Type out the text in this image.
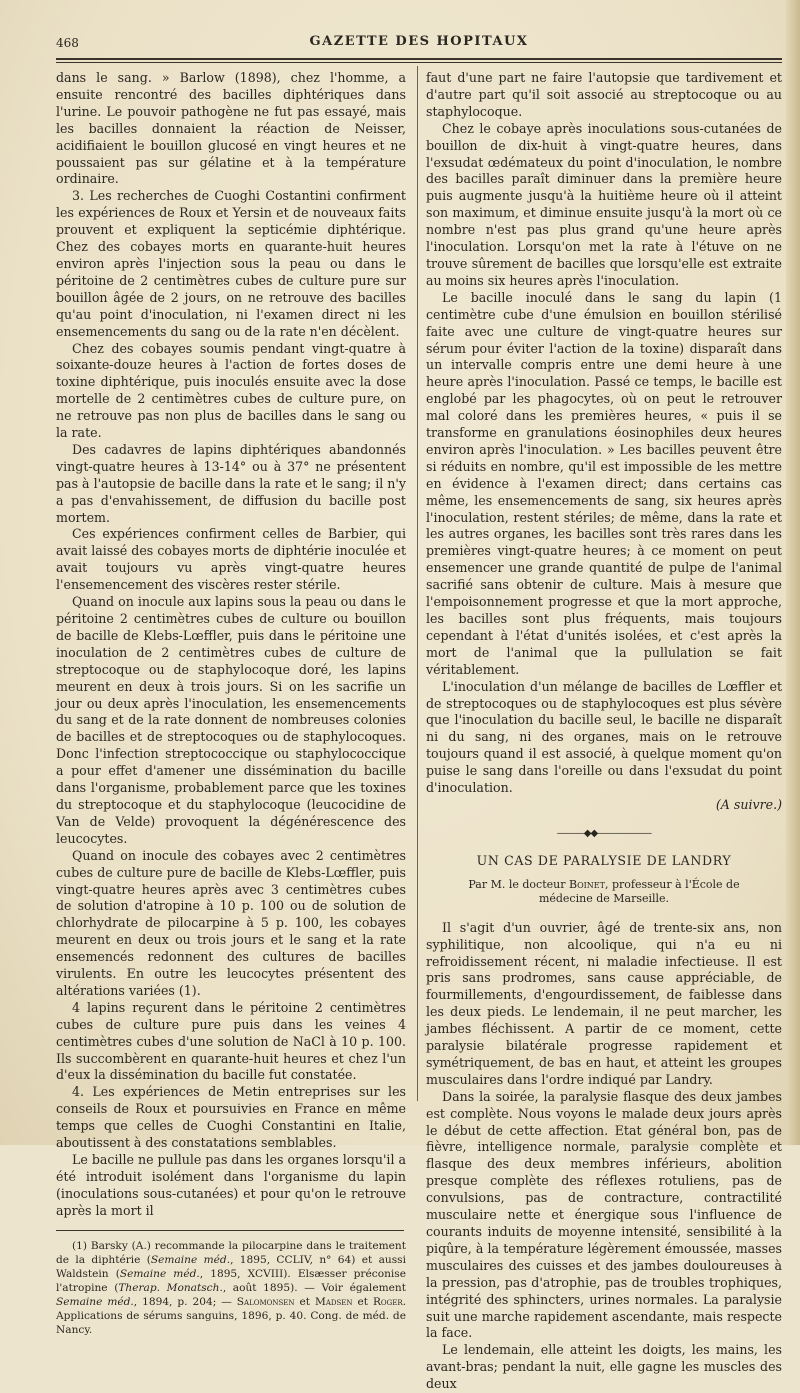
468	GAZETTE DES HOPITAUX

dans le sang. » Barlow (1898), chez l'homme, a ensuite rencontré des bacilles diphtériques dans l'urine. Le pouvoir pathogène ne fut pas essayé, mais les bacilles donnaient la réaction de Neisser, acidifiaient le bouillon glucosé en vingt heures et ne poussaient pas sur gélatine et à la température ordinaire.

3. Les recherches de Cuoghi Costantini confirment les expériences de Roux et Yersin et de nouveaux faits prouvent et expliquent la septicémie diphtérique. Chez des cobayes morts en quarante-huit heures environ après l'injection sous la peau ou dans le péritoine de 2 centimètres cubes de culture pure sur bouillon âgée de 2 jours, on ne retrouve des bacilles qu'au point d'inoculation, ni l'examen direct ni les ensemencements du sang ou de la rate n'en décèlent.

Chez des cobayes soumis pendant vingt-quatre à soixante-douze heures à l'action de fortes doses de toxine diphtérique, puis inoculés ensuite avec la dose mortelle de 2 centimètres cubes de culture pure, on ne retrouve pas non plus de bacilles dans le sang ou la rate.

Des cadavres de lapins diphtériques abandonnés vingt-quatre heures à 13-14° ou à 37° ne présentent pas à l'autopsie de bacille dans la rate et le sang; il n'y a pas d'envahissement, de diffusion du bacille post mortem.

Ces expériences confirment celles de Barbier, qui avait laissé des cobayes morts de diphtérie inoculée et avait toujours vu après vingt-quatre heures l'ensemencement des viscères rester stérile.

Quand on inocule aux lapins sous la peau ou dans le péritoine 2 centimètres cubes de culture ou bouillon de bacille de Klebs-Lœffler, puis dans le péritoine une inoculation de 2 centimètres cubes de culture de streptocoque ou de staphylocoque doré, les lapins meurent en deux à trois jours. Si on les sacrifie un jour ou deux après l'inoculation, les ensemencements du sang et de la rate donnent de nombreuses colonies de bacilles et de streptocoques ou de staphylocoques. Donc l'infection streptococcique ou staphylococcique a pour effet d'amener une dissémination du bacille dans l'organisme, probablement parce que les toxines du streptocoque et du staphylocoque (leucocidine de Van de Velde) provoquent la dégénérescence des leucocytes.

Quand on inocule des cobayes avec 2 centimètres cubes de culture pure de bacille de Klebs-Lœffler, puis vingt-quatre heures après avec 3 centimètres cubes de solution d'atropine à 10 p. 100 ou de solution de chlorhydrate de pilocarpine à 5 p. 100, les cobayes meurent en deux ou trois jours et le sang et la rate ensemencés redonnent des cultures de bacilles virulents. En outre les leucocytes présentent des altérations variées (1).

4 lapins reçurent dans le péritoine 2 centimètres cubes de culture pure puis dans les veines 4 centimètres cubes d'une solution de NaCl à 10 p. 100. Ils succombèrent en quarante-huit heures et chez l'un d'eux la dissémination du bacille fut constatée.

4. Les expériences de Metin entreprises sur les conseils de Roux et poursuivies en France en même temps que celles de Cuoghi Constantini en Italie, aboutissent à des constatations semblables.

Le bacille ne pullule pas dans les organes lorsqu'il a été introduit isolément dans l'organisme du lapin (inoculations sous-cutanées) et pour qu'on le retrouve après la mort il

(1) Barsky (A.) recommande la pilocarpine dans le traitement de la diphtérie (Semaine méd., 1895, CCLIV, n° 64) et aussi Waldstein (Semaine méd., 1895, XCVIII). Elsæsser préconise l'atropine (Therap. Monatsch., août 1895). — Voir également Semaine méd., 1894, p. 204; — Salomonsen et Madsen et Roger. Applications de sérums sanguins, 1896, p. 40. Cong. de méd. de Nancy.

faut d'une part ne faire l'autopsie que tardivement et d'autre part qu'il soit associé au streptocoque ou au staphylocoque.

Chez le cobaye après inoculations sous-cutanées de bouillon de dix-huit à vingt-quatre heures, dans l'exsudat œdémateux du point d'inoculation, le nombre des bacilles paraît diminuer dans la première heure puis augmente jusqu'à la huitième heure où il atteint son maximum, et diminue ensuite jusqu'à la mort où ce nombre n'est pas plus grand qu'une heure après l'inoculation. Lorsqu'on met la rate à l'étuve on ne trouve sûrement de bacilles que lorsqu'elle est extraite au moins six heures après l'inoculation.

Le bacille inoculé dans le sang du lapin (1 centimètre cube d'une émulsion en bouillon stérilisé faite avec une culture de vingt-quatre heures sur sérum pour éviter l'action de la toxine) disparaît dans un intervalle compris entre une demi heure à une heure après l'inoculation. Passé ce temps, le bacille est englobé par les phagocytes, où on peut le retrouver mal coloré dans les premières heures, « puis il se transforme en granulations éosinophiles deux heures environ après l'inoculation. » Les bacilles peuvent être si réduits en nombre, qu'il est impossible de les mettre en évidence à l'examen direct; dans certains cas même, les ensemencements de sang, six heures après l'inoculation, restent stériles; de même, dans la rate et les autres organes, les bacilles sont très rares dans les premières vingt-quatre heures; à ce moment on peut ensemencer une grande quantité de pulpe de l'animal sacrifié sans obtenir de culture. Mais à mesure que l'empoisonnement progresse et que la mort approche, les bacilles sont plus fréquents, mais toujours cependant à l'état d'unités isolées, et c'est après la mort de l'animal que la pullulation se fait véritablement.

L'inoculation d'un mélange de bacilles de Lœffler et de streptocoques ou de staphylocoques est plus sévère que l'inoculation du bacille seul, le bacille ne disparaît ni du sang, ni des organes, mais on le retrouve toujours quand il est associé, à quelque moment qu'on puise le sang dans l'oreille ou dans l'exsudat du point d'inoculation.

(A suivre.)

———◆◆——————
UN CAS DE PARALYSIE DE LANDRY
Par M. le docteur Boinet, professeur à l'École de médecine de Marseille.

Il s'agit d'un ouvrier, âgé de trente-six ans, non syphilitique, non alcoolique, qui n'a eu ni refroidissement récent, ni maladie infectieuse. Il est pris sans prodromes, sans cause appréciable, de fourmillements, d'engourdissement, de faiblesse dans les deux pieds. Le lendemain, il ne peut marcher, les jambes fléchissent. A partir de ce moment, cette paralysie bilatérale progresse rapidement et symétriquement, de bas en haut, et atteint les groupes musculaires dans l'ordre indiqué par Landry.

Dans la soirée, la paralysie flasque des deux jambes est complète. Nous voyons le malade deux jours après le début de cette affection. Etat général bon, pas de fièvre, intelligence normale, paralysie complète et flasque des deux membres inférieurs, abolition presque complète des réflexes rotuliens, pas de convulsions, pas de contracture, contractilité musculaire nette et énergique sous l'influence de courants induits de moyenne intensité, sensibilité à la piqûre, à la température légèrement émoussée, masses musculaires des cuisses et des jambes douloureuses à la pression, pas d'atrophie, pas de troubles trophiques, intégrité des sphincters, urines normales. La paralysie suit une marche rapidement ascendante, mais respecte la face.

Le lendemain, elle atteint les doigts, les mains, les avant-bras; pendant la nuit, elle gagne les muscles des deux
